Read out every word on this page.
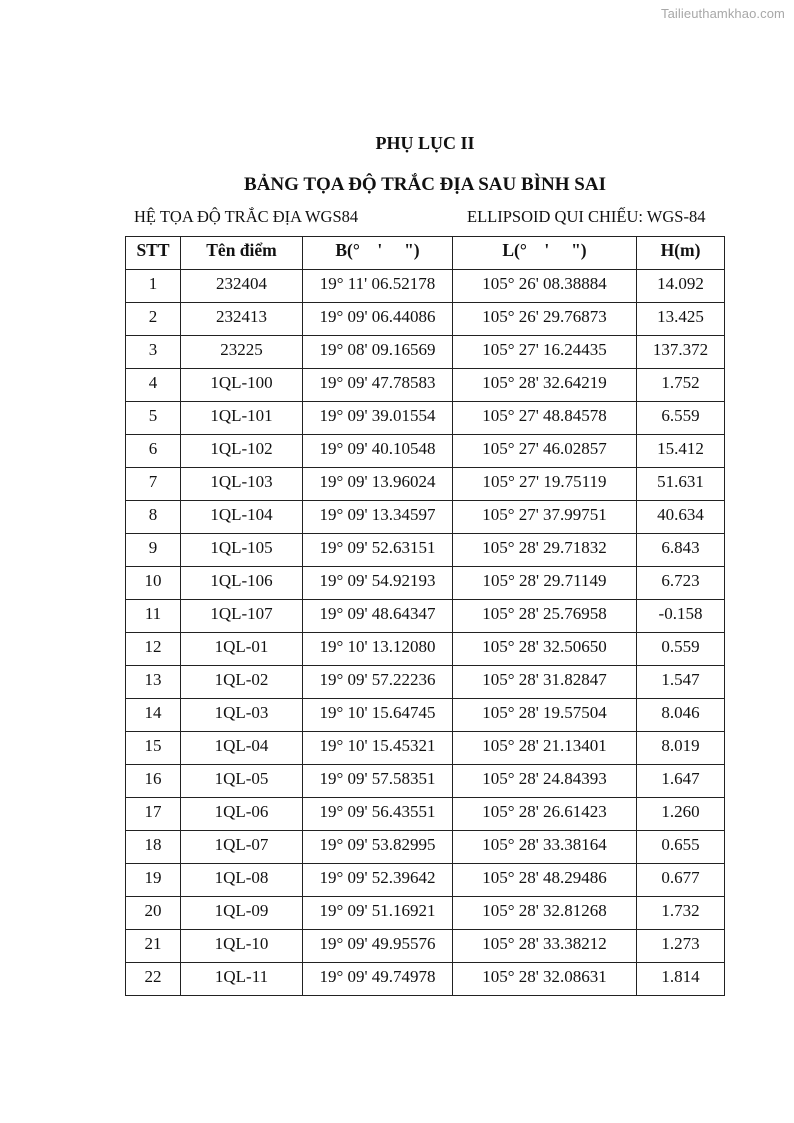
Tailieuthamkhao.com
PHỤ LỤC II
BẢNG TỌA ĐỘ TRẮC ĐỊA SAU BÌNH SAI
HỆ TỌA ĐỘ TRẮC ĐỊA WGS84	ELLIPSOID QUI CHIẾU: WGS-84
STT	Tên điểm	B(°    '     ")	L(°    '     ")	H(m)
1	232404	19° 11' 06.52178	105° 26' 08.38884	14.092
2	232413	19° 09' 06.44086	105° 26' 29.76873	13.425
3	23225	19° 08' 09.16569	105° 27' 16.24435	137.372
4	1QL-100	19° 09' 47.78583	105° 28' 32.64219	1.752
5	1QL-101	19° 09' 39.01554	105° 27' 48.84578	6.559
6	1QL-102	19° 09' 40.10548	105° 27' 46.02857	15.412
7	1QL-103	19° 09' 13.96024	105° 27' 19.75119	51.631
8	1QL-104	19° 09' 13.34597	105° 27' 37.99751	40.634
9	1QL-105	19° 09' 52.63151	105° 28' 29.71832	6.843
10	1QL-106	19° 09' 54.92193	105° 28' 29.71149	6.723
11	1QL-107	19° 09' 48.64347	105° 28' 25.76958	-0.158
12	1QL-01	19° 10' 13.12080	105° 28' 32.50650	0.559
13	1QL-02	19° 09' 57.22236	105° 28' 31.82847	1.547
14	1QL-03	19° 10' 15.64745	105° 28' 19.57504	8.046
15	1QL-04	19° 10' 15.45321	105° 28' 21.13401	8.019
16	1QL-05	19° 09' 57.58351	105° 28' 24.84393	1.647
17	1QL-06	19° 09' 56.43551	105° 28' 26.61423	1.260
18	1QL-07	19° 09' 53.82995	105° 28' 33.38164	0.655
19	1QL-08	19° 09' 52.39642	105° 28' 48.29486	0.677
20	1QL-09	19° 09' 51.16921	105° 28' 32.81268	1.732
21	1QL-10	19° 09' 49.95576	105° 28' 33.38212	1.273
22	1QL-11	19° 09' 49.74978	105° 28' 32.08631	1.814
